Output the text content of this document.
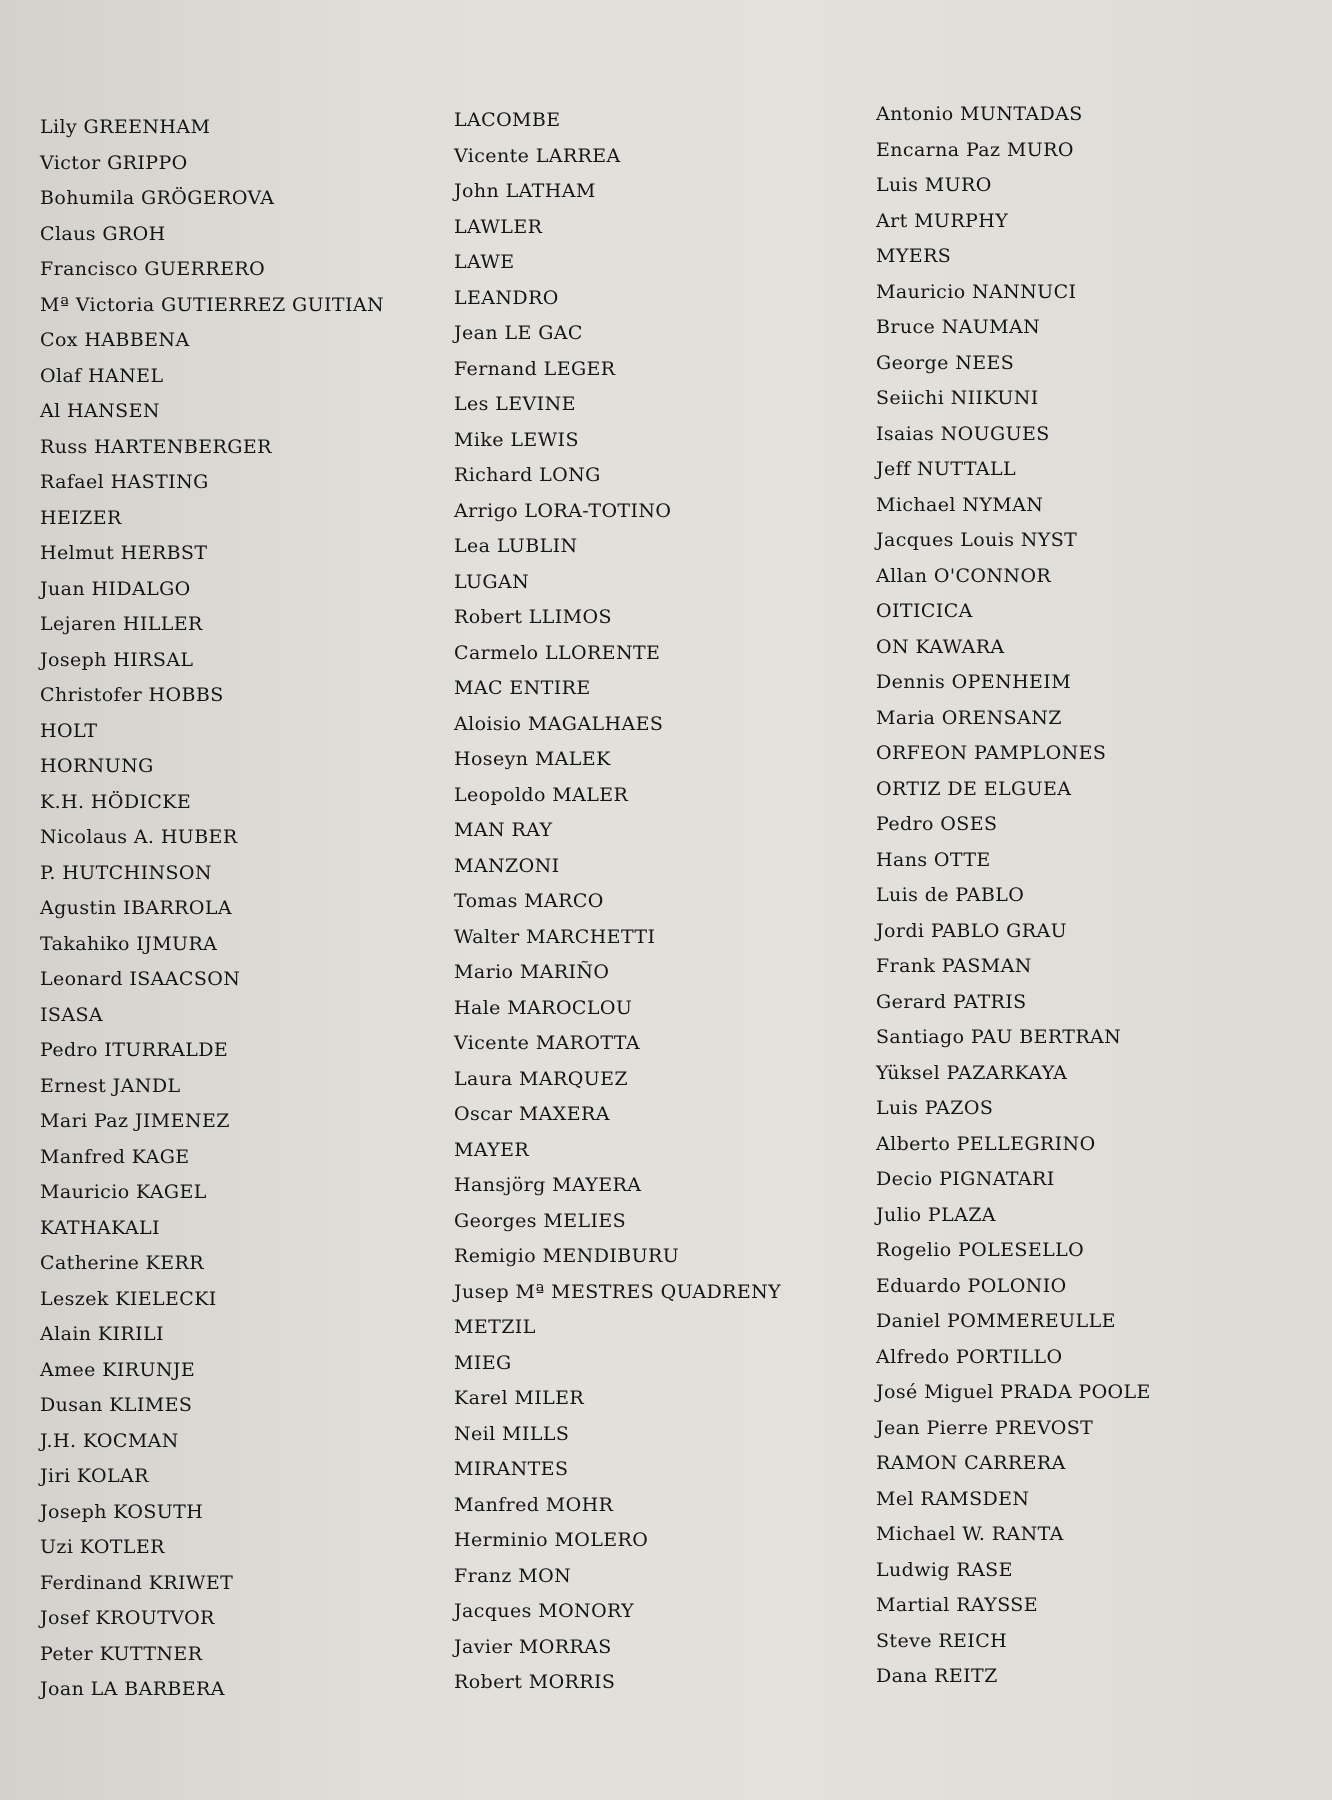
Lily GREENHAM
Victor GRIPPO
Bohumila GRÖGEROVA
Claus GROH
Francisco GUERRERO
Mª Victoria GUTIERREZ GUITIAN
Cox HABBENA
Olaf HANEL
Al HANSEN
Russ HARTENBERGER
Rafael HASTING
HEIZER
Helmut HERBST
Juan HIDALGO
Lejaren HILLER
Joseph HIRSAL
Christofer HOBBS
HOLT
HORNUNG
K.H. HÖDICKE
Nicolaus A. HUBER
P. HUTCHINSON
Agustin IBARROLA
Takahiko IJMURA
Leonard ISAACSON
ISASA
Pedro ITURRALDE
Ernest JANDL
Mari Paz JIMENEZ
Manfred KAGE
Mauricio KAGEL
KATHAKALI
Catherine KERR
Leszek KIELECKI
Alain KIRILI
Amee KIRUNJE
Dusan KLIMES
J.H. KOCMAN
Jiri KOLAR
Joseph KOSUTH
Uzi KOTLER
Ferdinand KRIWET
Josef KROUTVOR
Peter KUTTNER
Joan LA BARBERA
LACOMBE
Vicente LARREA
John LATHAM
LAWLER
LAWE
LEANDRO
Jean LE GAC
Fernand LEGER
Les LEVINE
Mike LEWIS
Richard LONG
Arrigo LORA-TOTINO
Lea LUBLIN
LUGAN
Robert LLIMOS
Carmelo LLORENTE
MAC ENTIRE
Aloisio MAGALHAES
Hoseyn MALEK
Leopoldo MALER
MAN RAY
MANZONI
Tomas MARCO
Walter MARCHETTI
Mario MARIÑO
Hale MAROCLOU
Vicente MAROTTA
Laura MARQUEZ
Oscar MAXERA
MAYER
Hansjörg MAYERA
Georges MELIES
Remigio MENDIBURU
Jusep Mª MESTRES QUADRENY
METZIL
MIEG
Karel MILER
Neil MILLS
MIRANTES
Manfred MOHR
Herminio MOLERO
Franz MON
Jacques MONORY
Javier MORRAS
Robert MORRIS
Antonio MUNTADAS
Encarna Paz MURO
Luis MURO
Art MURPHY
MYERS
Mauricio NANNUCI
Bruce NAUMAN
George NEES
Seiichi NIIKUNI
Isaias NOUGUES
Jeff NUTTALL
Michael NYMAN
Jacques Louis NYST
Allan O'CONNOR
OITICICA
ON KAWARA
Dennis OPENHEIM
Maria ORENSANZ
ORFEON PAMPLONES
ORTIZ DE ELGUEA
Pedro OSES
Hans OTTE
Luis de PABLO
Jordi PABLO GRAU
Frank PASMAN
Gerard PATRIS
Santiago PAU BERTRAN
Yüksel PAZARKAYA
Luis PAZOS
Alberto PELLEGRINO
Decio PIGNATARI
Julio PLAZA
Rogelio POLESELLO
Eduardo POLONIO
Daniel POMMEREULLE
Alfredo PORTILLO
José Miguel PRADA POOLE
Jean Pierre PREVOST
RAMON CARRERA
Mel RAMSDEN
Michael W. RANTA
Ludwig RASE
Martial RAYSSE
Steve REICH
Dana REITZ
